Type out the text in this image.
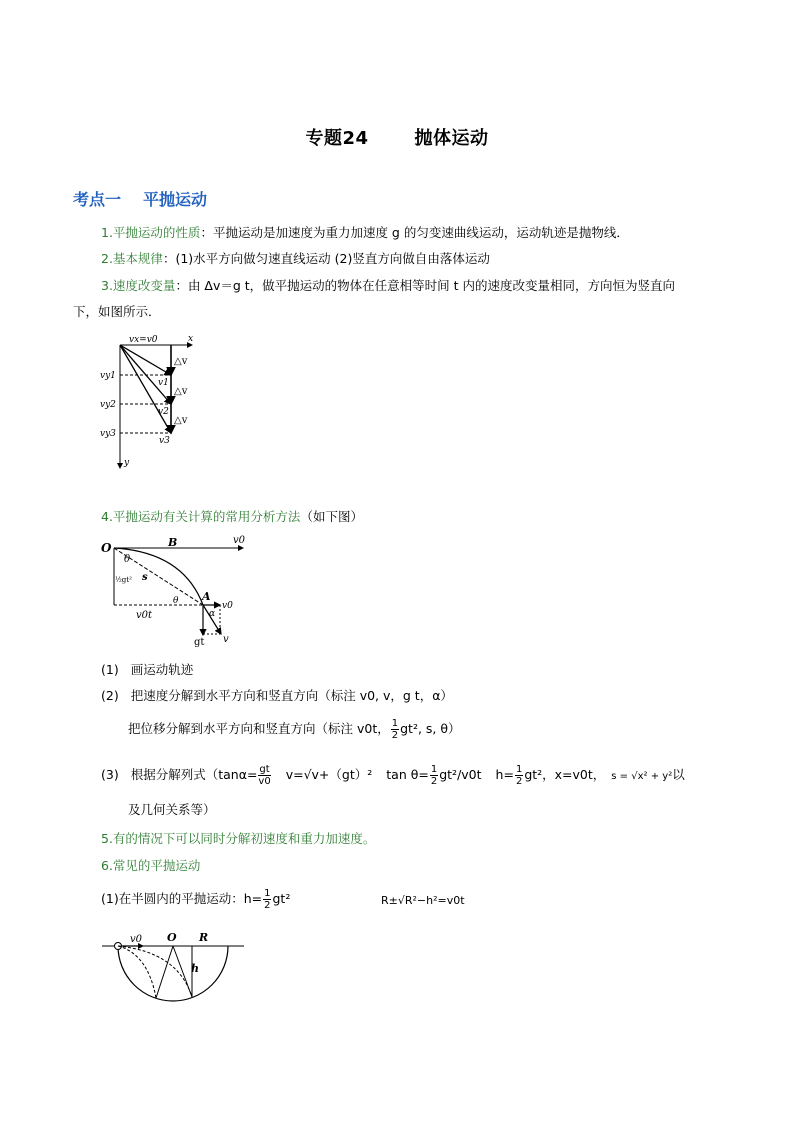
专题24	抛体运动
考点一 平抛运动
1.平抛运动的性质：平抛运动是加速度为重力加速度 g 的匀变速曲线运动，运动轨迹是抛物线．
2.基本规律：(1)水平方向做匀速直线运动 (2)竖直方向做自由落体运动
3.速度改变量：由 Δv＝g t，做平抛运动的物体在任意相等时间 t 内的速度改变量相同，方向恒为竖直向
下，如图所示．
vx=v0	x
y
vy1
vy2
vy3
v1
v2
v3
△v
△v
△v
4.平抛运动有关计算的常用分析方法（如下图）
O	B	v0
θ
s
½gt²
θ A
v0
α
v0t
gt v
(1) 画运动轨迹
(2) 把速度分解到水平方向和竖直方向（标注 v0, v，g t，α）
把位移分解到水平方向和竖直方向（标注 v0t， $\frac{1}{2} gt^2$, s, θ）
(3) 根据分解列式（$\tan\alpha= \frac{gt}{v0} v=√v+(gt)^2$ $\tan \theta= \frac{1}{2} gt^2/v0t$ $h= \frac{1}{2} gt^2$，x=v0t， s = √x² + y²以
及几何关系等）
5.有的情况下可以同时分解初速度和重力加速度。
6.常见的平抛运动
(1)在半圆内的平抛运动：$h= \frac{1}{2} gt^2$	R±√R²−h²=v0t
v0 O R
h
